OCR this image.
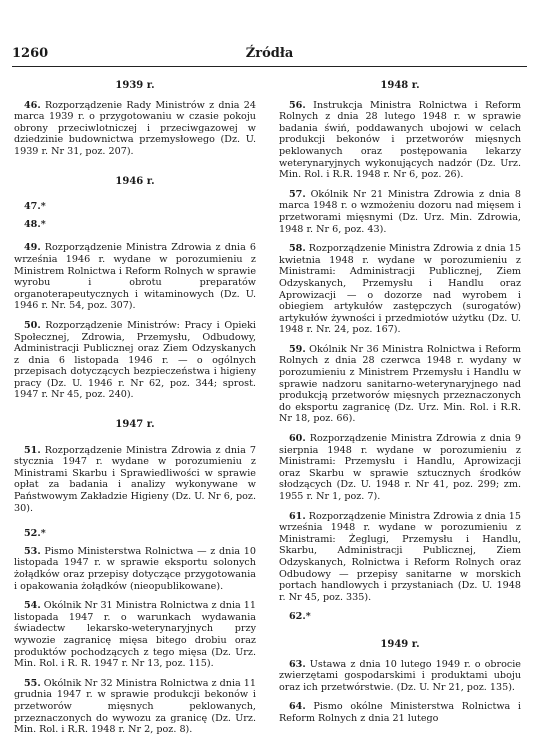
1260	Źródła
1939 r.

46. Rozporządzenie Rady Ministrów z dnia 24 marca 1939 r. o przygotowaniu w czasie pokoju obrony przeciwlotniczej i przeciwgazowej w dziedzinie budownictwa przemysłowego (Dz. U. 1939 r. Nr 31, poz. 207).

1946 r.

47.*

48.*

49. Rozporządzenie Ministra Zdrowia z dnia 6 września 1946 r. wydane w porozumieniu z Ministrem Rolnictwa i Reform Rolnych w sprawie wyrobu i obrotu preparatów organoterapeutycznych i witaminowych (Dz. U. 1946 r. Nr. 54, poz. 307).

50. Rozporządzenie Ministrów: Pracy i Opieki Społecznej, Zdrowia, Przemysłu, Odbudowy, Administracji Publicznej oraz Ziem Odzyskanych z dnia 6 listopada 1946 r. — o ogólnych przepisach dotyczących bezpieczeństwa i higieny pracy (Dz. U. 1946 r. Nr 62, poz. 344; sprost. 1947 r. Nr 45, poz. 240).

1947 r.

51. Rozporządzenie Ministra Zdrowia z dnia 7 stycznia 1947 r. wydane w porozumieniu z Ministrami Skarbu i Sprawiedliwości w sprawie opłat za badania i analizy wykonywane w Państwowym Zakładzie Higieny (Dz. U. Nr 6, poz. 30).

52.*

53. Pismo Ministerstwa Rolnictwa — z dnia 10 listopada 1947 r. w sprawie eksportu solonych żołądków oraz przepisy dotyczące przygotowania i opakowania żołądków (nieopublikowane).

54. Okólnik Nr 31 Ministra Rolnictwa z dnia 11 listopada 1947 r. o warunkach wydawania świadectw lekarsko-weterynaryjnych przy wywozie zagranicę mięsa bitego drobiu oraz produktów pochodzących z tego mięsa (Dz. Urz. Min. Rol. i R. R. 1947 r. Nr 13, poz. 115).

55. Okólnik Nr 32 Ministra Rolnictwa z dnia 11 grudnia 1947 r. w sprawie produkcji bekonów i przetworów mięsnych peklowanych, przeznaczonych do wywozu za granicę (Dz. Urz. Min. Rol. i R.R. 1948 r. Nr 2, poz. 8).

1948 r.

56. Instrukcja Ministra Rolnictwa i Reform Rolnych z dnia 28 lutego 1948 r. w sprawie badania świń, poddawanych ubojowi w celach produkcji bekonów i przetworów mięsnych peklowanych oraz postępowania lekarzy weterynaryjnych wykonujących nadzór (Dz. Urz. Min. Rol. i R.R. 1948 r. Nr 6, poz. 26).

57. Okólnik Nr 21 Ministra Zdrowia z dnia 8 marca 1948 r. o wzmożeniu dozoru nad mięsem i przetworami mięsnymi (Dz. Urz. Min. Zdrowia, 1948 r. Nr 6, poz. 43).

58. Rozporządzenie Ministra Zdrowia z dnia 15 kwietnia 1948 r. wydane w porozumieniu z Ministrami: Administracji Publicznej, Ziem Odzyskanych, Przemysłu i Handlu oraz Aprowizacji — o dozorze nad wyrobem i obiegiem artykułów zastępczych (surogatów) artykułów żywności i przedmiotów użytku (Dz. U. 1948 r. Nr. 24, poz. 167).

59. Okólnik Nr 36 Ministra Rolnictwa i Reform Rolnych z dnia 28 czerwca 1948 r. wydany w porozumieniu z Ministrem Przemysłu i Handlu w sprawie nadzoru sanitarno-weterynaryjnego nad produkcją przetworów mięsnych przeznaczonych do eksportu zagranicę (Dz. Urz. Min. Rol. i R.R. Nr 18, poz. 66).

60. Rozporządzenie Ministra Zdrowia z dnia 9 sierpnia 1948 r. wydane w porozumieniu z Ministrami: Przemysłu i Handlu, Aprowizacji oraz Skarbu w sprawie sztucznych środków słodzących (Dz. U. 1948 r. Nr 41, poz. 299; zm. 1955 r. Nr 1, poz. 7).

61. Rozporządzenie Ministra Zdrowia z dnia 15 września 1948 r. wydane w porozumieniu z Ministrami: Żeglugi, Przemysłu i Handlu, Skarbu, Administracji Publicznej, Ziem Odzyskanych, Rolnictwa i Reform Rolnych oraz Odbudowy — przepisy sanitarne w morskich portach handlowych i przystaniach (Dz. U. 1948 r. Nr 45, poz. 335).

62.*

1949 r.

63. Ustawa z dnia 10 lutego 1949 r. o obrocie zwierzętami gospodarskimi i produktami uboju oraz ich przetwórstwie. (Dz. U. Nr 21, poz. 135).

64. Pismo okólne Ministerstwa Rolnictwa i Reform Rolnych z dnia 21 lutego
